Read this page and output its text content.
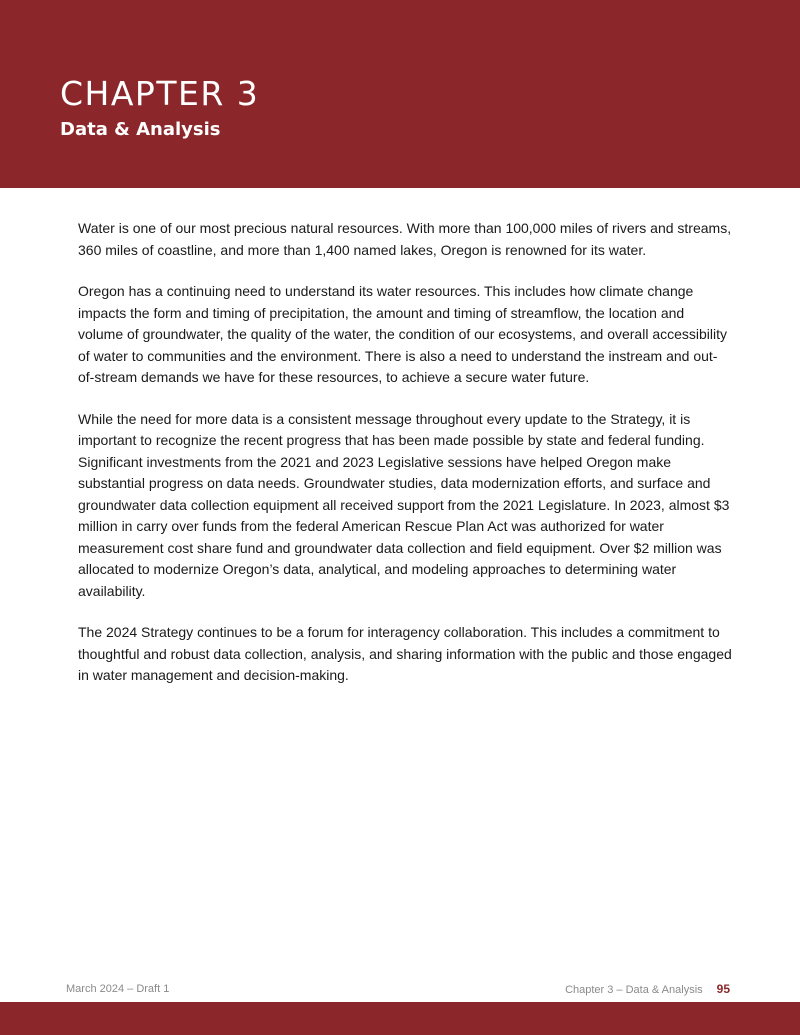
CHAPTER 3
Data & Analysis

Water is one of our most precious natural resources. With more than 100,000 miles of rivers and streams, 360 miles of coastline, and more than 1,400 named lakes, Oregon is renowned for its water.

Oregon has a continuing need to understand its water resources. This includes how climate change impacts the form and timing of precipitation, the amount and timing of streamflow, the location and volume of groundwater, the quality of the water, the condition of our ecosystems, and overall accessibility of water to communities and the environment. There is also a need to understand the instream and out-of-stream demands we have for these resources, to achieve a secure water future.

While the need for more data is a consistent message throughout every update to the Strategy, it is important to recognize the recent progress that has been made possible by state and federal funding. Significant investments from the 2021 and 2023 Legislative sessions have helped Oregon make substantial progress on data needs. Groundwater studies, data modernization efforts, and surface and groundwater data collection equipment all received support from the 2021 Legislature. In 2023, almost $3 million in carry over funds from the federal American Rescue Plan Act was authorized for water measurement cost share fund and groundwater data collection and field equipment. Over $2 million was allocated to modernize Oregon’s data, analytical, and modeling approaches to determining water availability.

The 2024 Strategy continues to be a forum for interagency collaboration. This includes a commitment to thoughtful and robust data collection, analysis, and sharing information with the public and those engaged in water management and decision-making.

March 2024 – Draft 1	Chapter 3 – Data & Analysis 95
